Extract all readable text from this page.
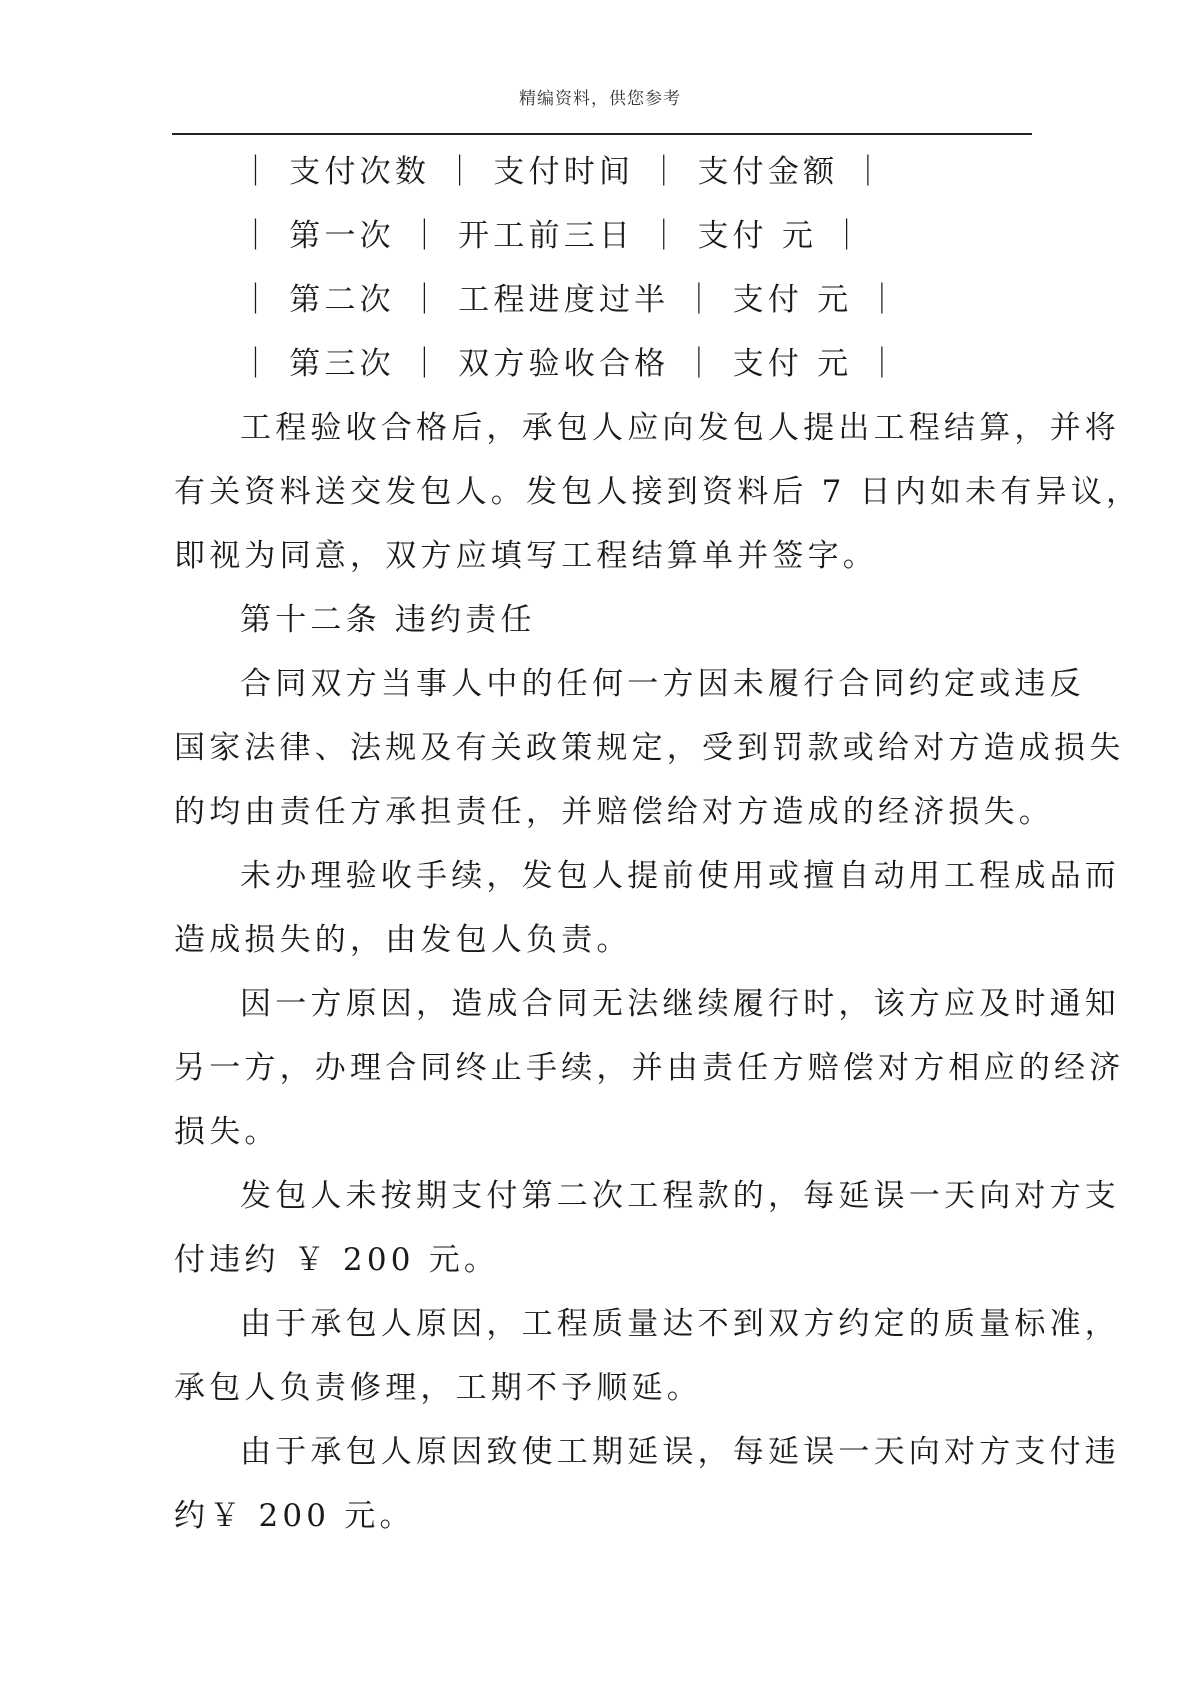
精编资料，供您参考
｜ 支付次数 ｜ 支付时间 ｜ 支付金额 ｜
｜ 第一次 ｜ 开工前三日 ｜ 支付 元 ｜
｜ 第二次 ｜ 工程进度过半 ｜ 支付 元 ｜
｜ 第三次 ｜ 双方验收合格 ｜ 支付 元 ｜
工程验收合格后，承包人应向发包人提出工程结算，并将
有关资料送交发包人。发包人接到资料后 7 日内如未有异议，
即视为同意，双方应填写工程结算单并签字。
第十二条 违约责任
合同双方当事人中的任何一方因未履行合同约定或违反
国家法律、法规及有关政策规定，受到罚款或给对方造成损失
的均由责任方承担责任，并赔偿给对方造成的经济损失。
未办理验收手续，发包人提前使用或擅自动用工程成品而
造成损失的，由发包人负责。
因一方原因，造成合同无法继续履行时，该方应及时通知
另一方，办理合同终止手续，并由责任方赔偿对方相应的经济
损失。
发包人未按期支付第二次工程款的，每延误一天向对方支
付违约 ￥ 200 元。
由于承包人原因，工程质量达不到双方约定的质量标准，
承包人负责修理，工期不予顺延。
由于承包人原因致使工期延误，每延误一天向对方支付违
约￥ 200 元。
